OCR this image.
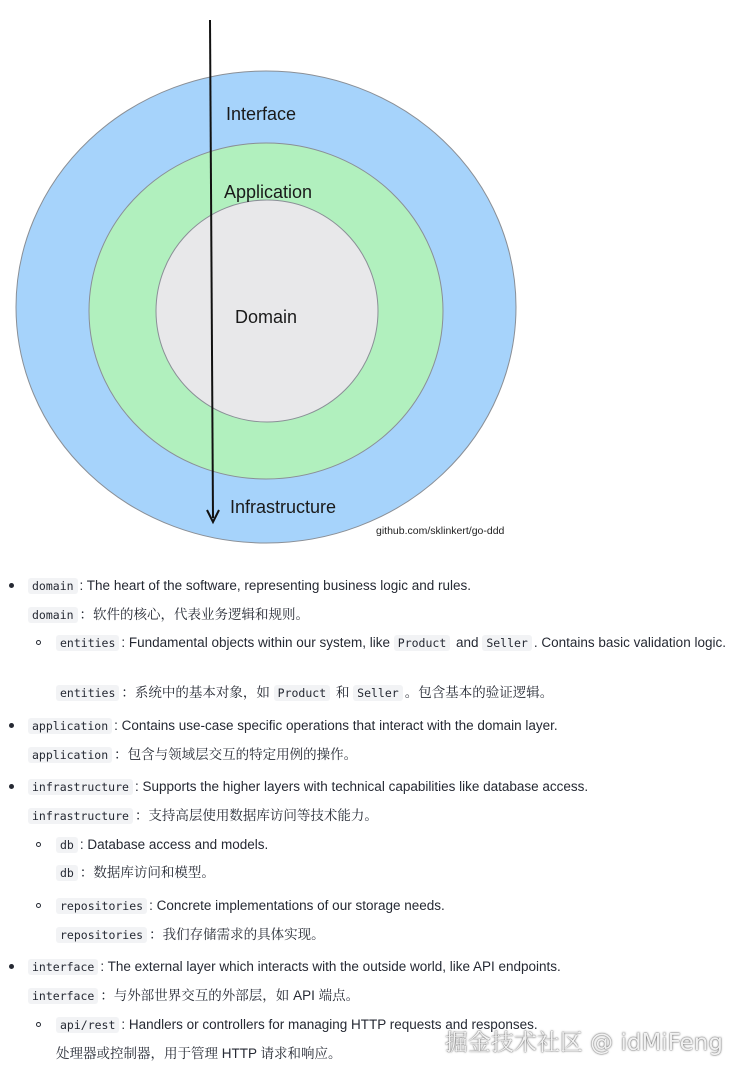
Interface
Application
Domain
Infrastructure
github.com/sklinkert/go-ddd
domain : The heart of the software, representing business logic and rules.
domain ：软件的核心，代表业务逻辑和规则。
entities : Fundamental objects within our system, like Product and Seller . Contains basic validation logic.
entities ：系统中的基本对象，如 Product 和 Seller 。包含基本的验证逻辑。
application : Contains use-case specific operations that interact with the domain layer.
application ：包含与领域层交互的特定用例的操作。
infrastructure : Supports the higher layers with technical capabilities like database access.
infrastructure ：支持高层使用数据库访问等技术能力。
db : Database access and models.
db ：数据库访问和模型。
repositories : Concrete implementations of our storage needs.
repositories ：我们存储需求的具体实现。
interface : The external layer which interacts with the outside world, like API endpoints.
interface ：与外部世界交互的外部层，如 API 端点。
api/rest : Handlers or controllers for managing HTTP requests and responses.
处理器或控制器，用于管理 HTTP 请求和响应。	掘金技术社区 @ idMiFeng
